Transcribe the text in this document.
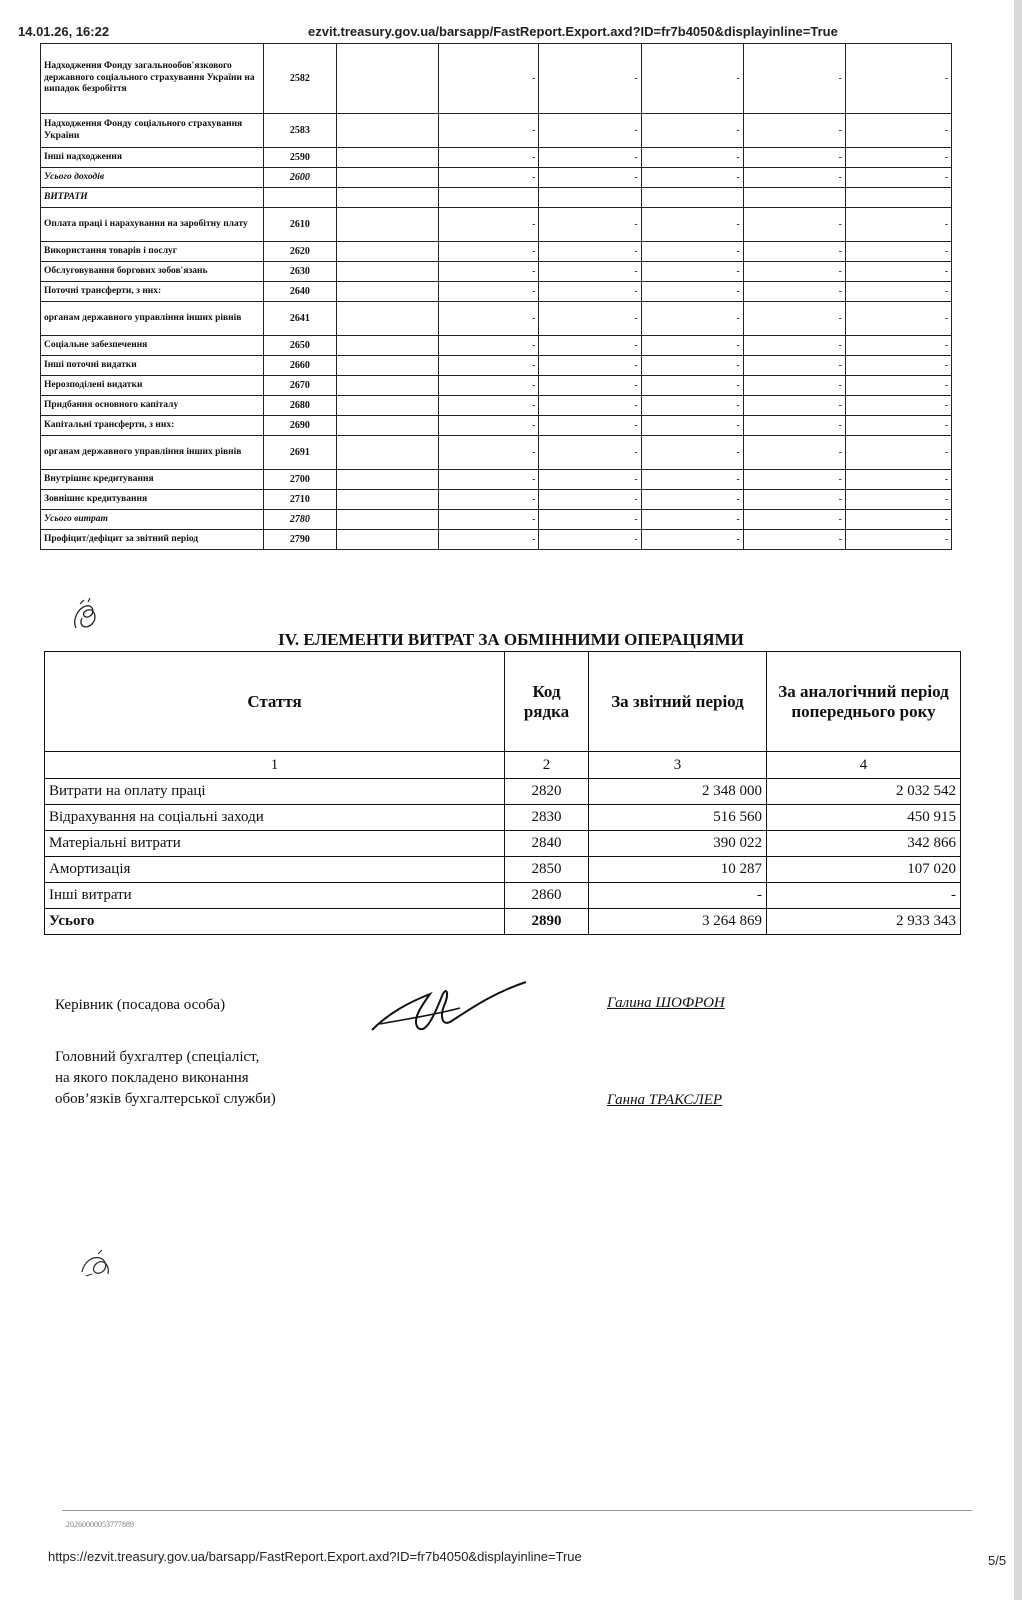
14.01.26, 16:22	ezvit.treasury.gov.ua/barsapp/FastReport.Export.axd?ID=fr7b4050&displayinline=True
Надходження Фонду загальнообов'язкового державного соціального страхування України на випадок безробіття	2582		-	-	-	-	-
Надходження Фонду соціального страхування України	2583		-	-	-	-	-
Інші надходження	2590		-	-	-	-	-
Усього доходів	2600		-	-	-	-	-
ВИТРАТИ							
Оплата праці і нарахування на заробітну плату	2610		-	-	-	-	-
Використання товарів і послуг	2620		-	-	-	-	-
Обслуговування боргових зобов'язань	2630		-	-	-	-	-
Поточні трансферти, з них:	2640		-	-	-	-	-
органам державного управління інших рівнів	2641		-	-	-	-	-
Соціальне забезпечення	2650		-	-	-	-	-
Інші поточні видатки	2660		-	-	-	-	-
Нерозподілені видатки	2670		-	-	-	-	-
Придбання основного капіталу	2680		-	-	-	-	-
Капітальні трансферти, з них:	2690		-	-	-	-	-
органам державного управління інших рівнів	2691		-	-	-	-	-
Внутрішнє кредитування	2700		-	-	-	-	-
Зовнішнє кредитування	2710		-	-	-	-	-
Усього витрат	2780		-	-	-	-	-
Профіцит/дефіцит за звітний період	2790		-	-	-	-	-
IV. ЕЛЕМЕНТИ ВИТРАТ ЗА ОБМІННИМИ ОПЕРАЦІЯМИ
Стаття	Код рядка	За звітний період	За аналогічний період попереднього року
1	2	3	4
Витрати на оплату праці	2820	2 348 000	2 032 542
Відрахування на соціальні заходи	2830	516 560	450 915
Матеріальні витрати	2840	390 022	342 866
Амортизація	2850	10 287	107 020
Інші витрати	2860	-	-
Усього	2890	3 264 869	2 933 343
Керівник (посадова особа)	Галина ШОФРОН
Головний бухгалтер (спеціаліст,
на якого покладено виконання
обов’язків бухгалтерської служби)	Ганна ТРАКСЛЕР
20260000053777889
https://ezvit.treasury.gov.ua/barsapp/FastReport.Export.axd?ID=fr7b4050&displayinline=True	5/5
